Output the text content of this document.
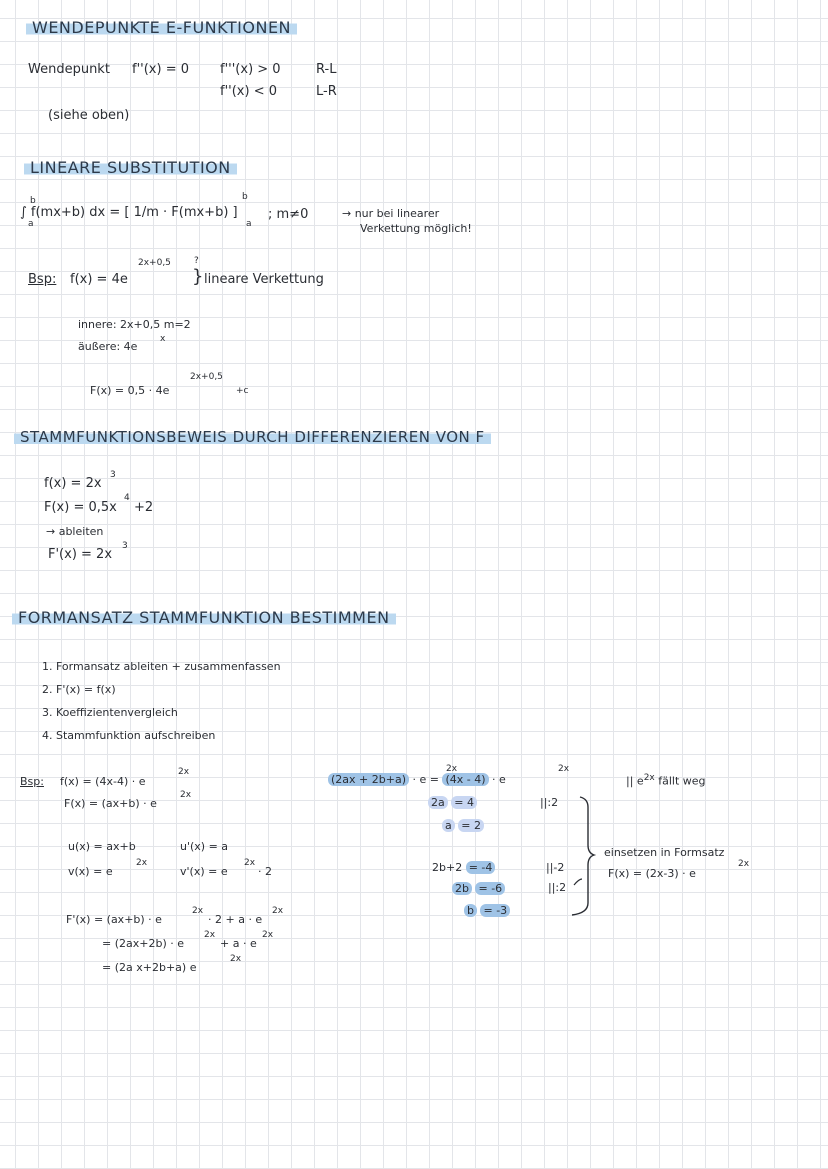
WENDEPUNKTE E-FUNKTIONEN
Wendepunkt f''(x) = 0 f'''(x) > 0	R-L
f''(x) < 0	L-R
(siehe oben)
LINEARE SUBSTITUTION
∫ f(mx+b) dx = [ 1/m · F(mx+b) ]
a
b
a
b
; m≠0	→ nur bei linearer
Verkettung möglich!
Bsp: f(x) = 4e
2x+0,5
}
?
lineare Verkettung
innere: 2x+0,5 m=2
äußere: 4e
x
F(x) = 0,5 · 4e
2x+0,5
+c
STAMMFUNKTIONSBEWEIS DURCH DIFFERENZIEREN VON F
f(x) = 2x
3
F(x) = 0,5x
4
+2
→ ableiten
F'(x) = 2x
3
FORMANSATZ STAMMFUNKTION BESTIMMEN
1. Formansatz ableiten + zusammenfassen
2. F'(x) = f(x)
3. Koeffizientenvergleich
4. Stammfunktion aufschreiben
Bsp: f(x) = (4x-4) · e
2x
F(x) = (ax+b) · e
2x
u(x) = ax+b	u'(x) = a
v(x) = e
2x
v'(x) = e
2x
· 2
F'(x) = (ax+b) · e
2x
· 2 + a · e
2x
= (2ax+2b) · e
2x
+ a · e
2x
= (2a x+2b+a) e
2x
(2ax + 2b+a) · e = (4x - 4) · e
2x	2x
|| $e^{2x}$ fällt weg
2a = 4	||:2
a = 2
2b+2 = -4	||-2
2b = -6	||:2
b = -3
einsetzen in Formsatz
F(x) = (2x-3) · e
2x
